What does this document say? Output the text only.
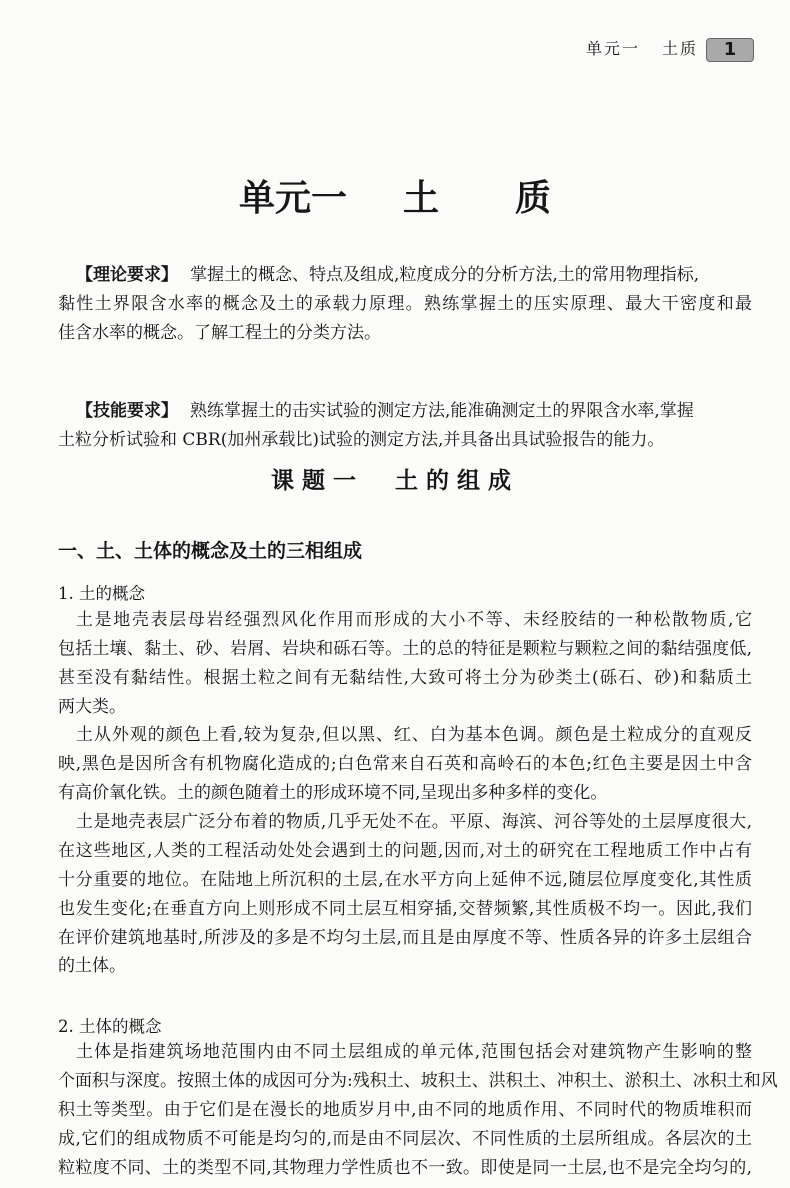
单元一 土质	1
单元一 土 质
【理论要求】 掌握土的概念、特点及组成,粒度成分的分析方法,土的常用物理指标,
黏性土界限含水率的概念及土的承载力原理。熟练掌握土的压实原理、最大干密度和最
佳含水率的概念。了解工程土的分类方法。
【技能要求】 熟练掌握土的击实试验的测定方法,能准确测定土的界限含水率,掌握
土粒分析试验和 CBR(加州承载比)试验的测定方法,并具备出具试验报告的能力。
课题一　土的组成
一、土、土体的概念及土的三相组成
1. 土的概念
土是地壳表层母岩经强烈风化作用而形成的大小不等、未经胶结的一种松散物质,它
包括土壤、黏土、砂、岩屑、岩块和砾石等。土的总的特征是颗粒与颗粒之间的黏结强度低,
甚至没有黏结性。根据土粒之间有无黏结性,大致可将土分为砂类土(砾石、砂)和黏质土
两大类。
土从外观的颜色上看,较为复杂,但以黑、红、白为基本色调。颜色是土粒成分的直观反
映,黑色是因所含有机物腐化造成的;白色常来自石英和高岭石的本色;红色主要是因土中含
有高价氧化铁。土的颜色随着土的形成环境不同,呈现出多种多样的变化。
土是地壳表层广泛分布着的物质,几乎无处不在。平原、海滨、河谷等处的土层厚度很大,
在这些地区,人类的工程活动处处会遇到土的问题,因而,对土的研究在工程地质工作中占有
十分重要的地位。在陆地上所沉积的土层,在水平方向上延伸不远,随层位厚度变化,其性质
也发生变化;在垂直方向上则形成不同土层互相穿插,交替频繁,其性质极不均一。因此,我们
在评价建筑地基时,所涉及的多是不均匀土层,而且是由厚度不等、性质各异的许多土层组合
的土体。
2. 土体的概念
土体是指建筑场地范围内由不同土层组成的单元体,范围包括会对建筑物产生影响的整
个面积与深度。按照土体的成因可分为:残积土、坡积土、洪积土、冲积土、淤积土、冰积土和风
积土等类型。由于它们是在漫长的地质岁月中,由不同的地质作用、不同时代的物质堆积而
成,它们的组成物质不可能是均匀的,而是由不同层次、不同性质的土层所组成。各层次的土
粒粒度不同、土的类型不同,其物理力学性质也不一致。即使是同一土层,也不是完全均匀的,
